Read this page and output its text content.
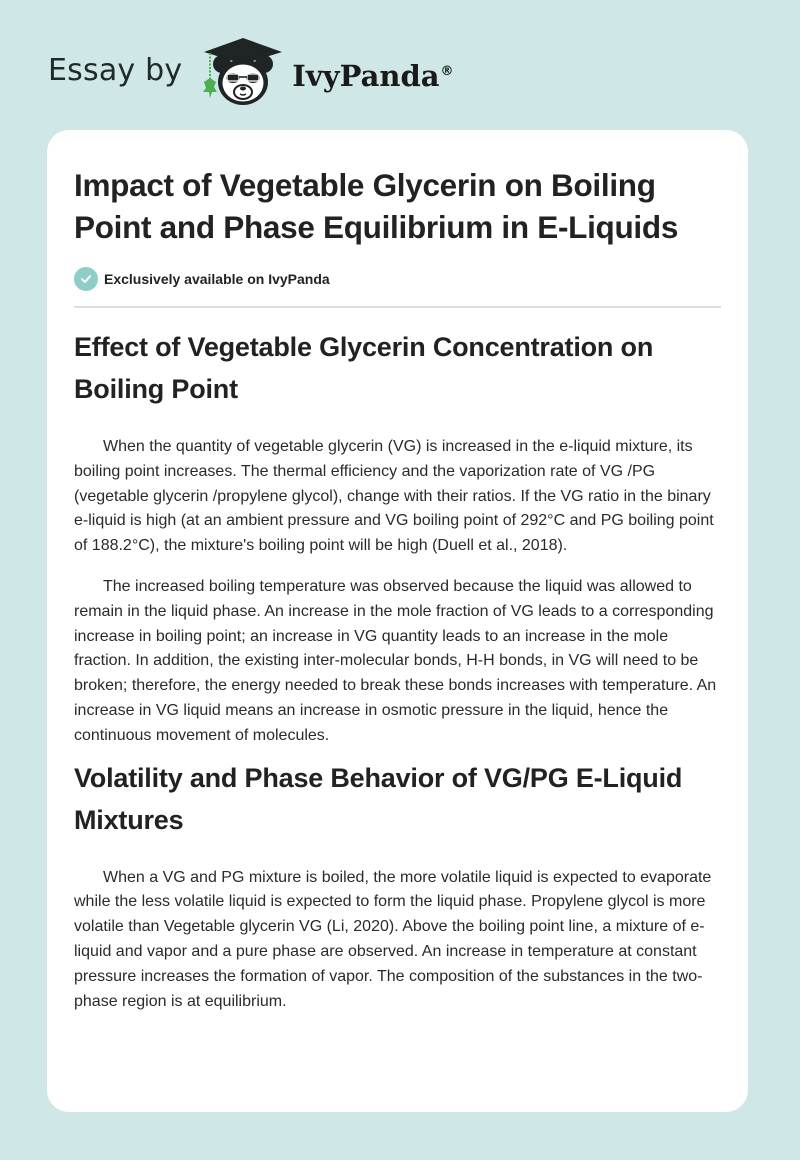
Essay by	IvyPanda®
Impact of Vegetable Glycerin on Boiling Point and Phase Equilibrium in E-Liquids
Exclusively available on IvyPanda
Effect of Vegetable Glycerin Concentration on Boiling Point

When the quantity of vegetable glycerin (VG) is increased in the e-liquid mixture, its boiling point increases. The thermal efficiency and the vaporization rate of VG /PG (vegetable glycerin /propylene glycol), change with their ratios. If the VG ratio in the binary e-liquid is high (at an ambient pressure and VG boiling point of 292°C and PG boiling point of 188.2°C), the mixture's boiling point will be high (Duell et al., 2018).

The increased boiling temperature was observed because the liquid was allowed to remain in the liquid phase. An increase in the mole fraction of VG leads to a corresponding increase in boiling point; an increase in VG quantity leads to an increase in the mole fraction. In addition, the existing inter-molecular bonds, H-H bonds, in VG will need to be broken; therefore, the energy needed to break these bonds increases with temperature. An increase in VG liquid means an increase in osmotic pressure in the liquid, hence the continuous movement of molecules.

Volatility and Phase Behavior of VG/PG E-Liquid Mixtures

When a VG and PG mixture is boiled, the more volatile liquid is expected to evaporate while the less volatile liquid is expected to form the liquid phase. Propylene glycol is more volatile than Vegetable glycerin VG (Li, 2020). Above the boiling point line, a mixture of e-liquid and vapor and a pure phase are observed. An increase in temperature at constant pressure increases the formation of vapor. The composition of the substances in the two-phase region is at equilibrium.
